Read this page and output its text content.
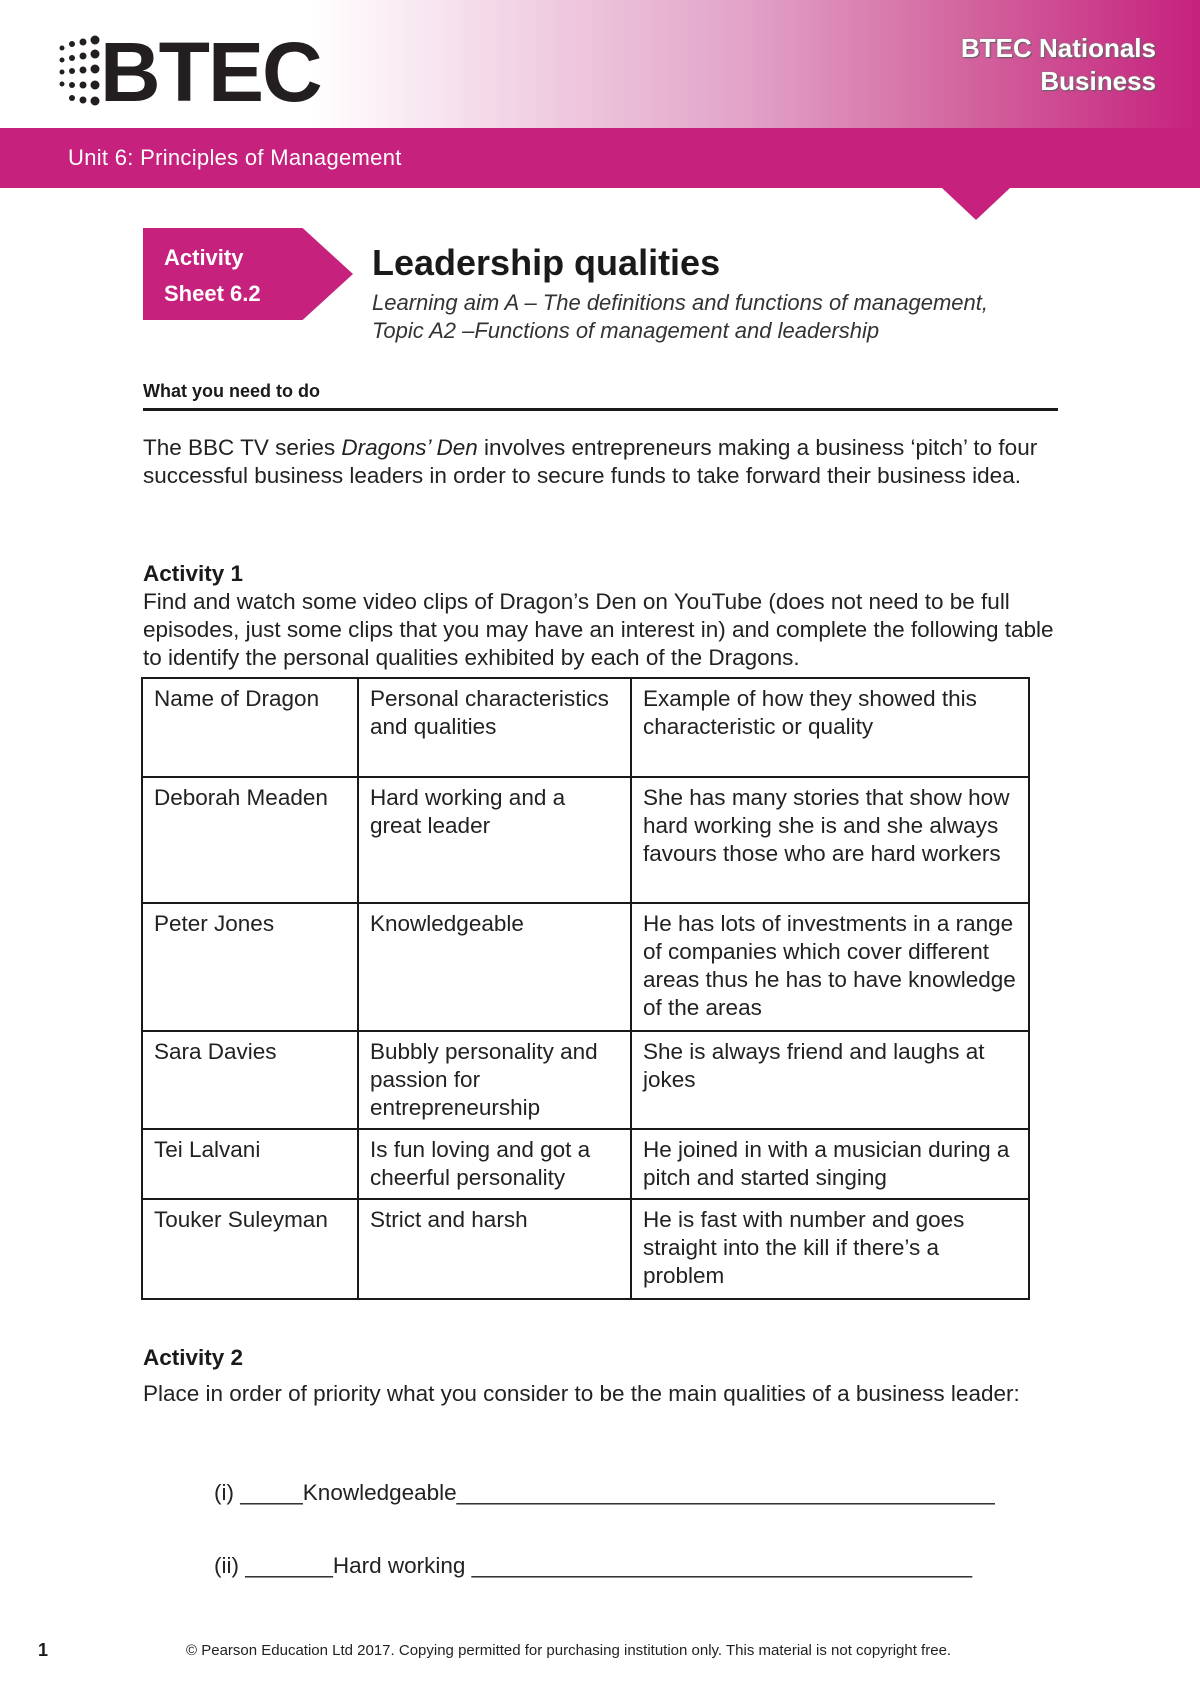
BTEC	BTEC Nationals
Business
Unit 6: Principles of Management
Activity
Sheet 6.2
Leadership qualities
Learning aim A – The definitions and functions of management,
Topic A2 –Functions of management and leadership
What you need to do
The BBC TV series Dragons’ Den involves entrepreneurs making a business ‘pitch’ to four successful business leaders in order to secure funds to take forward their business idea.
Activity 1
Find and watch some video clips of Dragon’s Den on YouTube (does not need to be full episodes, just some clips that you may have an interest in) and complete the following table to identify the personal qualities exhibited by each of the Dragons.
Name of Dragon	Personal characteristics and qualities	Example of how they showed this characteristic or quality
Deborah Meaden	Hard working and a great leader	She has many stories that show how hard working she is and she always favours those who are hard workers
Peter Jones	Knowledgeable	He has lots of investments in a range of companies which cover different areas thus he has to have knowledge of the areas
Sara Davies	Bubbly personality and passion for entrepreneurship	She is always friend and laughs at jokes
Tei Lalvani	Is fun loving and got a cheerful personality	He joined in with a musician during a pitch and started singing
Touker Suleyman	Strict and harsh	He is fast with number and goes straight into the kill if there’s a problem
Activity 2
Place in order of priority what you consider to be the main qualities of a business leader:
(i) _____Knowledgeable___________________________________________
(ii) _______Hard working ________________________________________
1	© Pearson Education Ltd 2017. Copying permitted for purchasing institution only. This material is not copyright free.
